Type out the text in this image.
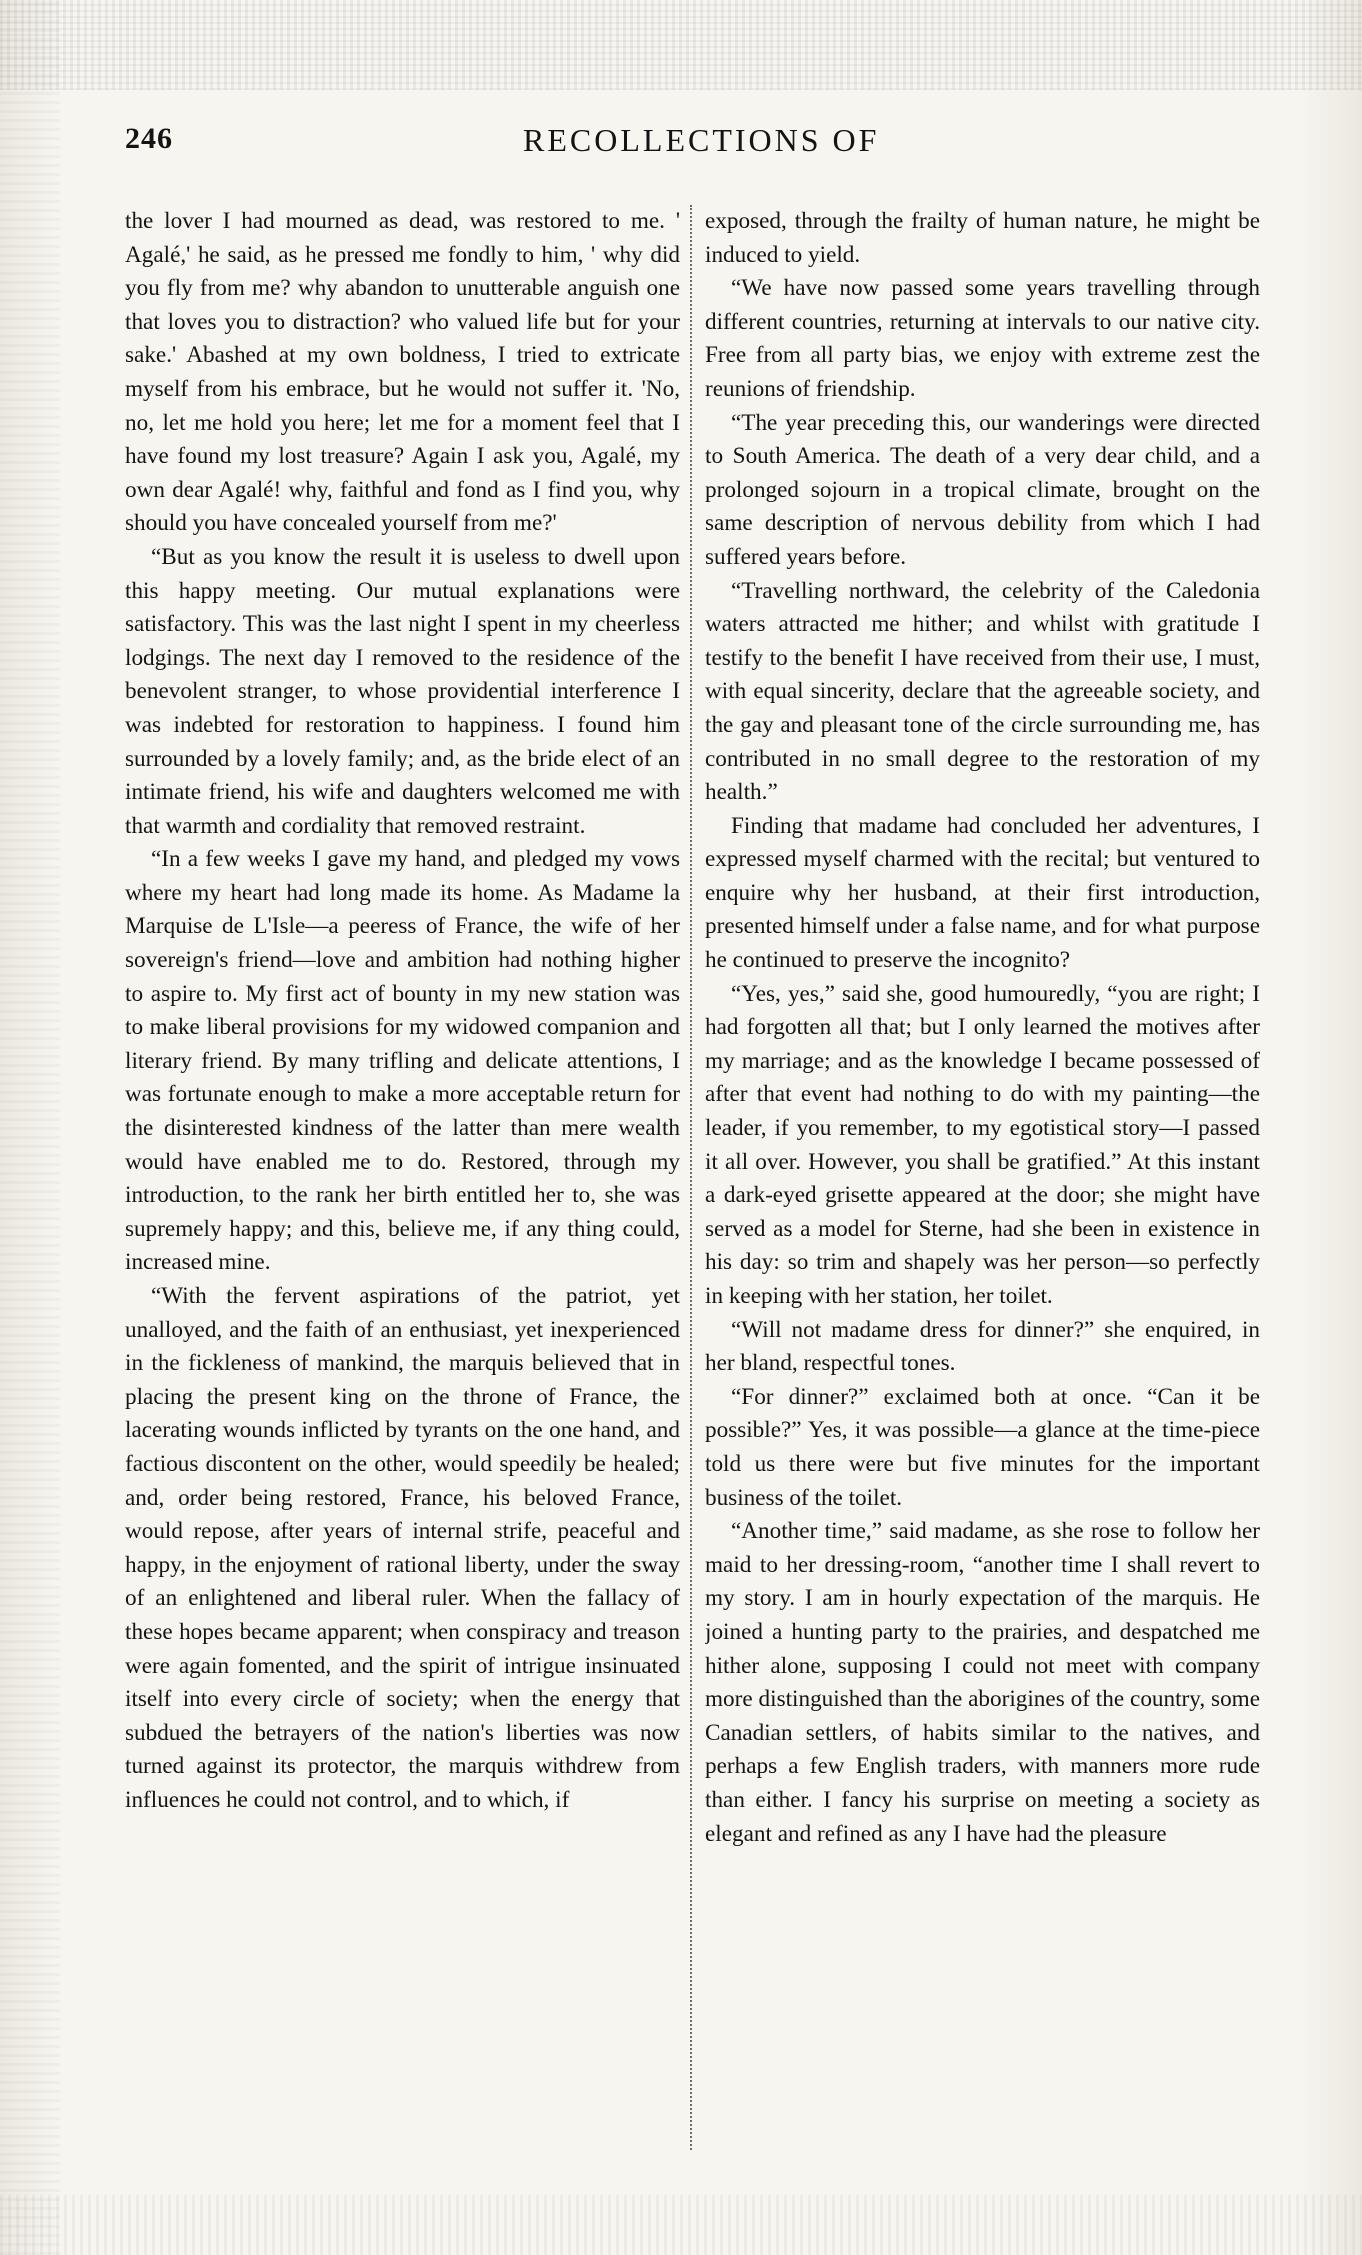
246	RECOLLECTIONS OF

the lover I had mourned as dead, was restored to me. ' Agalé,' he said, as he pressed me fondly to him, ' why did you fly from me? why abandon to unutterable anguish one that loves you to distraction? who valued life but for your sake.' Abashed at my own boldness, I tried to extricate myself from his embrace, but he would not suffer it. 'No, no, let me hold you here; let me for a moment feel that I have found my lost treasure? Again I ask you, Agalé, my own dear Agalé! why, faithful and fond as I find you, why should you have concealed yourself from me?'

“But as you know the result it is useless to dwell upon this happy meeting. Our mutual explanations were satisfactory. This was the last night I spent in my cheerless lodgings. The next day I removed to the residence of the benevolent stranger, to whose providential interference I was indebted for restoration to happiness. I found him surrounded by a lovely family; and, as the bride elect of an intimate friend, his wife and daughters welcomed me with that warmth and cordiality that removed restraint.

“In a few weeks I gave my hand, and pledged my vows where my heart had long made its home. As Madame la Marquise de L'Isle—a peeress of France, the wife of her sovereign's friend—love and ambition had nothing higher to aspire to. My first act of bounty in my new station was to make liberal provisions for my widowed companion and literary friend. By many trifling and delicate attentions, I was fortunate enough to make a more acceptable return for the disinterested kindness of the latter than mere wealth would have enabled me to do. Restored, through my introduction, to the rank her birth entitled her to, she was supremely happy; and this, believe me, if any thing could, increased mine.

“With the fervent aspirations of the patriot, yet unalloyed, and the faith of an enthusiast, yet inexperienced in the fickleness of mankind, the marquis believed that in placing the present king on the throne of France, the lacerating wounds inflicted by tyrants on the one hand, and factious discontent on the other, would speedily be healed; and, order being restored, France, his beloved France, would repose, after years of internal strife, peaceful and happy, in the enjoyment of rational liberty, under the sway of an enlightened and liberal ruler. When the fallacy of these hopes became apparent; when conspiracy and treason were again fomented, and the spirit of intrigue insinuated itself into every circle of society; when the energy that subdued the betrayers of the nation's liberties was now turned against its protector, the marquis withdrew from influences he could not control, and to which, if

exposed, through the frailty of human nature, he might be induced to yield.

“We have now passed some years travelling through different countries, returning at intervals to our native city. Free from all party bias, we enjoy with extreme zest the reunions of friendship.

“The year preceding this, our wanderings were directed to South America. The death of a very dear child, and a prolonged sojourn in a tropical climate, brought on the same description of nervous debility from which I had suffered years before.

“Travelling northward, the celebrity of the Caledonia waters attracted me hither; and whilst with gratitude I testify to the benefit I have received from their use, I must, with equal sincerity, declare that the agreeable society, and the gay and pleasant tone of the circle surrounding me, has contributed in no small degree to the restoration of my health.”

Finding that madame had concluded her adventures, I expressed myself charmed with the recital; but ventured to enquire why her husband, at their first introduction, presented himself under a false name, and for what purpose he continued to preserve the incognito?

“Yes, yes,” said she, good humouredly, “you are right; I had forgotten all that; but I only learned the motives after my marriage; and as the knowledge I became possessed of after that event had nothing to do with my painting—the leader, if you remember, to my egotistical story—I passed it all over. However, you shall be gratified.” At this instant a dark-eyed grisette appeared at the door; she might have served as a model for Sterne, had she been in existence in his day: so trim and shapely was her person—so perfectly in keeping with her station, her toilet.

“Will not madame dress for dinner?” she enquired, in her bland, respectful tones.

“For dinner?” exclaimed both at once. “Can it be possible?” Yes, it was possible—a glance at the time-piece told us there were but five minutes for the important business of the toilet.

“Another time,” said madame, as she rose to follow her maid to her dressing-room, “another time I shall revert to my story. I am in hourly expectation of the marquis. He joined a hunting party to the prairies, and despatched me hither alone, supposing I could not meet with company more distinguished than the aborigines of the country, some Canadian settlers, of habits similar to the natives, and perhaps a few English traders, with manners more rude than either. I fancy his surprise on meeting a society as elegant and refined as any I have had the pleasure
